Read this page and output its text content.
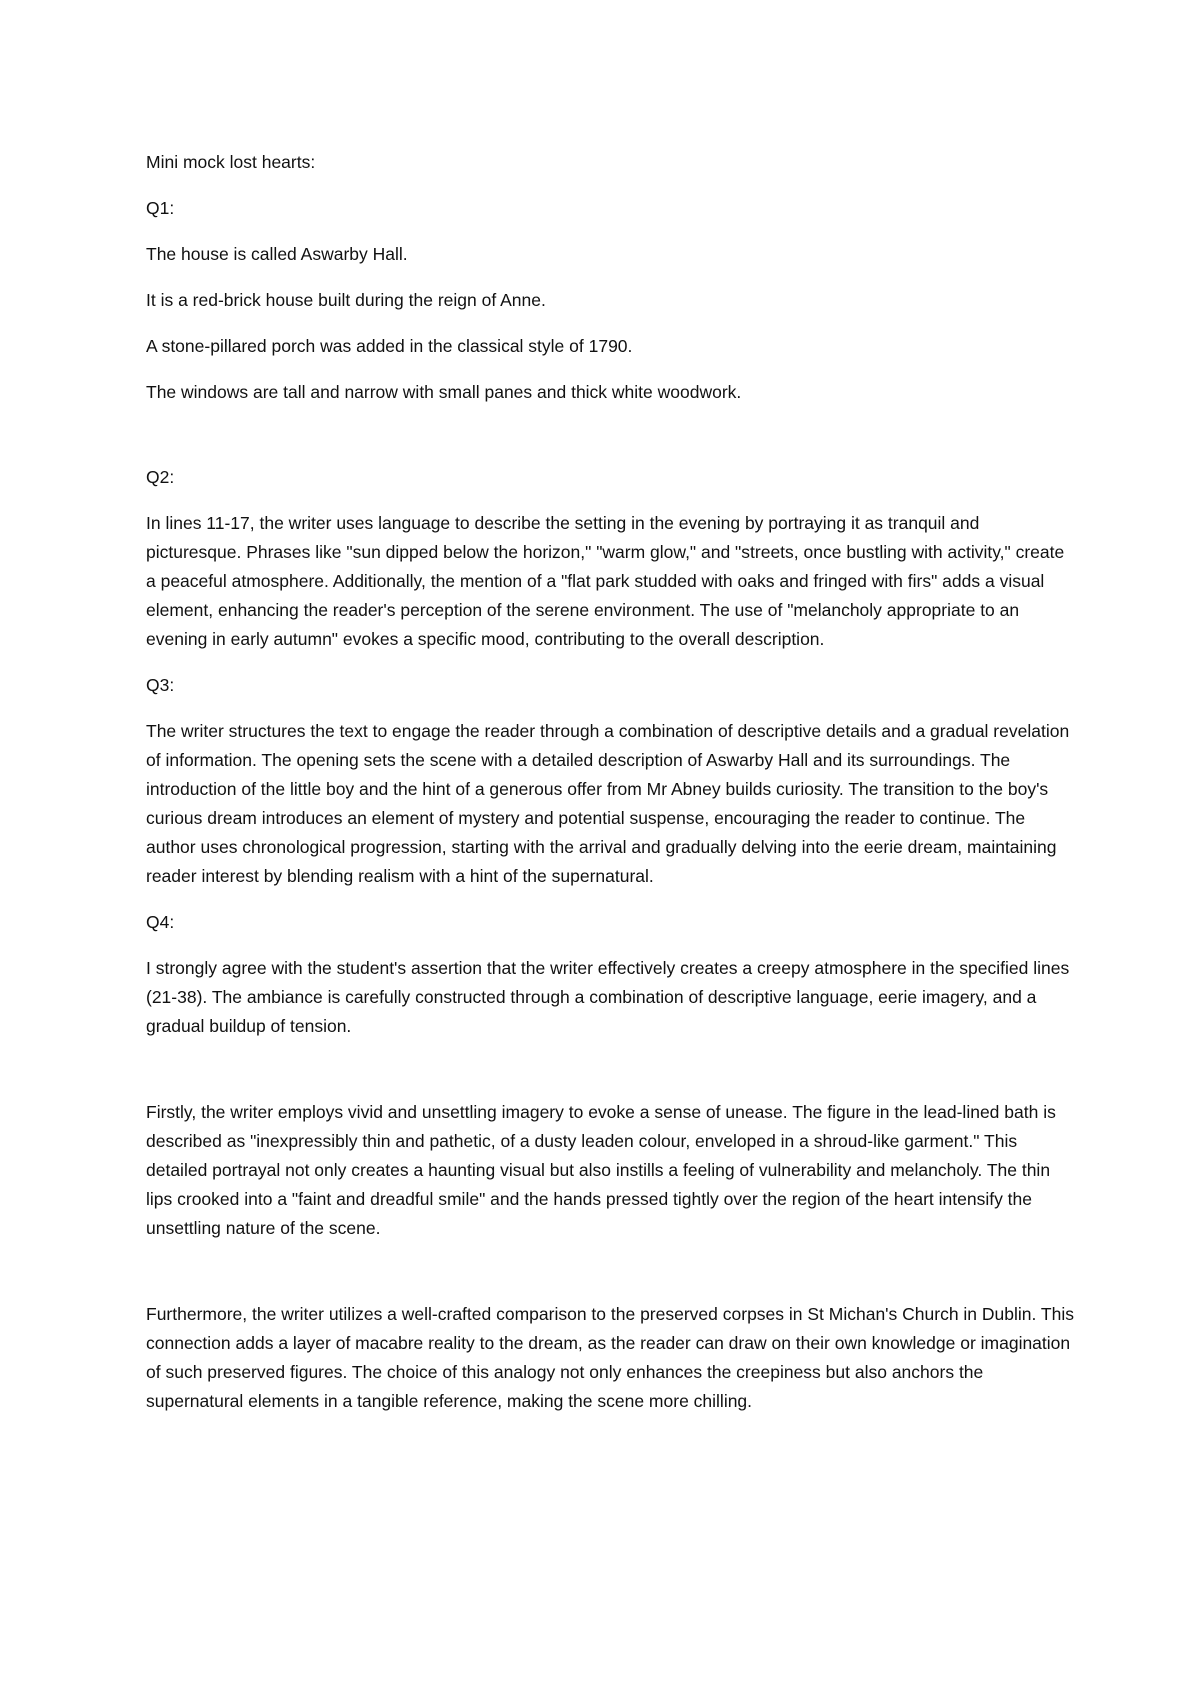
Mini mock lost hearts:

Q1:

The house is called Aswarby Hall.

It is a red-brick house built during the reign of Anne.

A stone-pillared porch was added in the classical style of 1790.

The windows are tall and narrow with small panes and thick white woodwork.

Q2:

In lines 11-17, the writer uses language to describe the setting in the evening by portraying it as tranquil and picturesque. Phrases like "sun dipped below the horizon," "warm glow," and "streets, once bustling with activity," create a peaceful atmosphere. Additionally, the mention of a "flat park studded with oaks and fringed with firs" adds a visual element, enhancing the reader's perception of the serene environment. The use of "melancholy appropriate to an evening in early autumn" evokes a specific mood, contributing to the overall description.

Q3:

The writer structures the text to engage the reader through a combination of descriptive details and a gradual revelation of information. The opening sets the scene with a detailed description of Aswarby Hall and its surroundings. The introduction of the little boy and the hint of a generous offer from Mr Abney builds curiosity. The transition to the boy's curious dream introduces an element of mystery and potential suspense, encouraging the reader to continue. The author uses chronological progression, starting with the arrival and gradually delving into the eerie dream, maintaining reader interest by blending realism with a hint of the supernatural.

Q4:

I strongly agree with the student's assertion that the writer effectively creates a creepy atmosphere in the specified lines (21-38). The ambiance is carefully constructed through a combination of descriptive language, eerie imagery, and a gradual buildup of tension.

Firstly, the writer employs vivid and unsettling imagery to evoke a sense of unease. The figure in the lead-lined bath is described as "inexpressibly thin and pathetic, of a dusty leaden colour, enveloped in a shroud-like garment." This detailed portrayal not only creates a haunting visual but also instills a feeling of vulnerability and melancholy. The thin lips crooked into a "faint and dreadful smile" and the hands pressed tightly over the region of the heart intensify the unsettling nature of the scene.

Furthermore, the writer utilizes a well-crafted comparison to the preserved corpses in St Michan's Church in Dublin. This connection adds a layer of macabre reality to the dream, as the reader can draw on their own knowledge or imagination of such preserved figures. The choice of this analogy not only enhances the creepiness but also anchors the supernatural elements in a tangible reference, making the scene more chilling.
